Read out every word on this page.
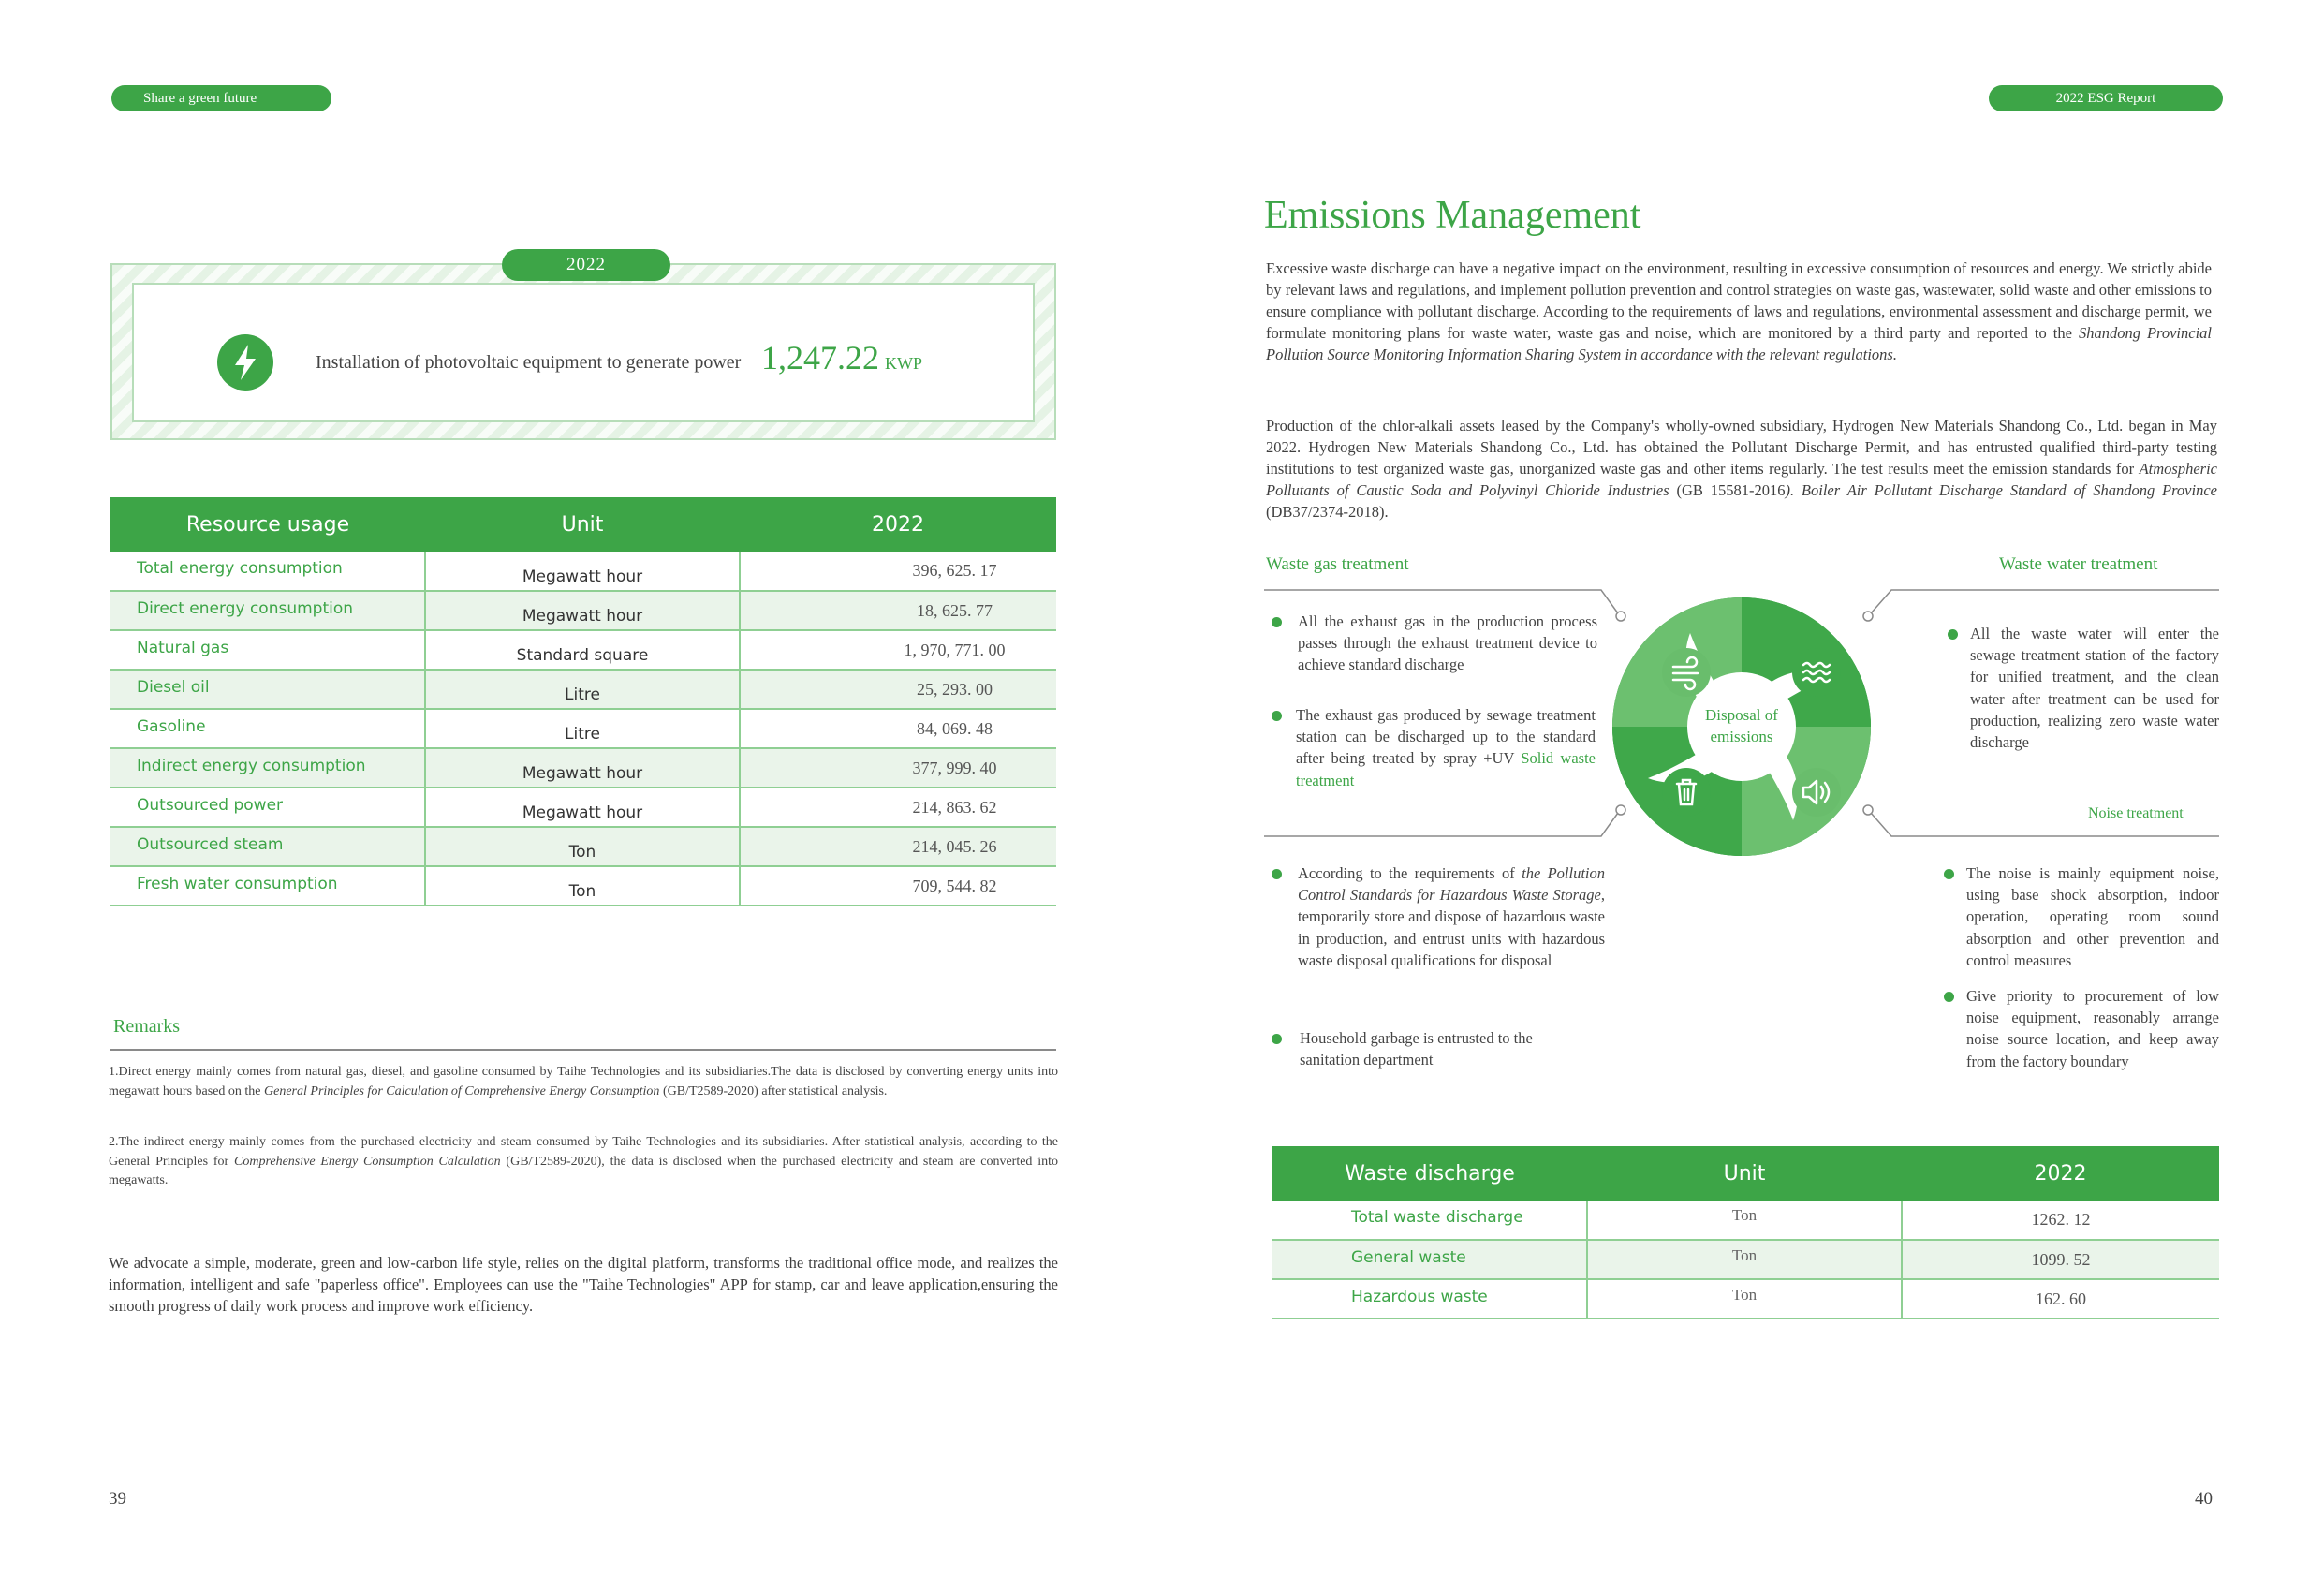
Share a green future	2022 ESG Report
2022
Installation of photovoltaic equipment to generate power 1,247.22 KWP
Resource usage	Unit	2022
Total energy consumption	Megawatt hour	396, 625. 17
Direct energy consumption	Megawatt hour	18, 625. 77
Natural gas	Standard square	1, 970, 771. 00
Diesel oil	Litre	25, 293. 00
Gasoline	Litre	84, 069. 48
Indirect energy consumption	Megawatt hour	377, 999. 40
Outsourced power	Megawatt hour	214, 863. 62
Outsourced steam	Ton	214, 045. 26
Fresh water consumption	Ton	709, 544. 82
Remarks

1.Direct energy mainly comes from natural gas, diesel, and gasoline consumed by Taihe Technologies and its subsidiaries.The data is disclosed by converting energy units into megawatt hours based on the General Principles for Calculation of Comprehensive Energy Consumption (GB/T2589-2020) after statistical analysis.

2.The indirect energy mainly comes from the purchased electricity and steam consumed by Taihe Technologies and its subsidiaries. After statistical analysis, according to the General Principles for Comprehensive Energy Consumption Calculation (GB/T2589-2020), the data is disclosed when the purchased electricity and steam are converted into megawatts.

We advocate a simple, moderate, green and low-carbon life style, relies on the digital platform, transforms the traditional office mode, and realizes the information, intelligent and safe "paperless office". Employees can use the "Taihe Technologies" APP for stamp, car and leave application,ensuring the smooth progress of daily work process and improve work efficiency.

39	40
Emissions Management

Excessive waste discharge can have a negative impact on the environment, resulting in excessive consumption of resources and energy. We strictly abide by relevant laws and regulations, and implement pollution prevention and control strategies on waste gas, wastewater, solid waste and other emissions to ensure compliance with pollutant discharge. According to the requirements of laws and regulations, environmental assessment and discharge permit, we formulate monitoring plans for waste water, waste gas and noise, which are monitored by a third party and reported to the Shandong Provincial Pollution Source Monitoring Information Sharing System in accordance with the relevant regulations.

Production of the chlor-alkali assets leased by the Company's wholly-owned subsidiary, Hydrogen New Materials Shandong Co., Ltd. began in May 2022. Hydrogen New Materials Shandong Co., Ltd. has obtained the Pollutant Discharge Permit, and has entrusted qualified third-party testing institutions to test organized waste gas, unorganized waste gas and other items regularly. The test results meet the emission standards for Atmospheric Pollutants of Caustic Soda and Polyvinyl Chloride Industries (GB 15581-2016). Boiler Air Pollutant Discharge Standard of Shandong Province (DB37/2374-2018).

Waste gas treatment	Waste water treatment
Noise treatment
Disposal of emissions

All the exhaust gas in the production process passes through the exhaust treatment device to achieve standard discharge

The exhaust gas produced by sewage treatment station can be discharged up to the standard after being treated by spray +UV Solid waste treatment

All the waste water will enter the sewage treatment station of the factory for unified treatment, and the clean water after treatment can be used for production, realizing zero waste water discharge

According to the requirements of the Pollution Control Standards for Hazardous Waste Storage, temporarily store and dispose of hazardous waste in production, and entrust units with hazardous waste disposal qualifications for disposal

Household garbage is entrusted to the sanitation department

The noise is mainly equipment noise, using base shock absorption, indoor operation, operating room sound absorption and other prevention and control measures

Give priority to procurement of low noise equipment, reasonably arrange noise source location, and keep away from the factory boundary

Waste discharge	Unit	2022
Total waste discharge	Ton	1262. 12
General waste	Ton	1099. 52
Hazardous waste	Ton	162. 60
